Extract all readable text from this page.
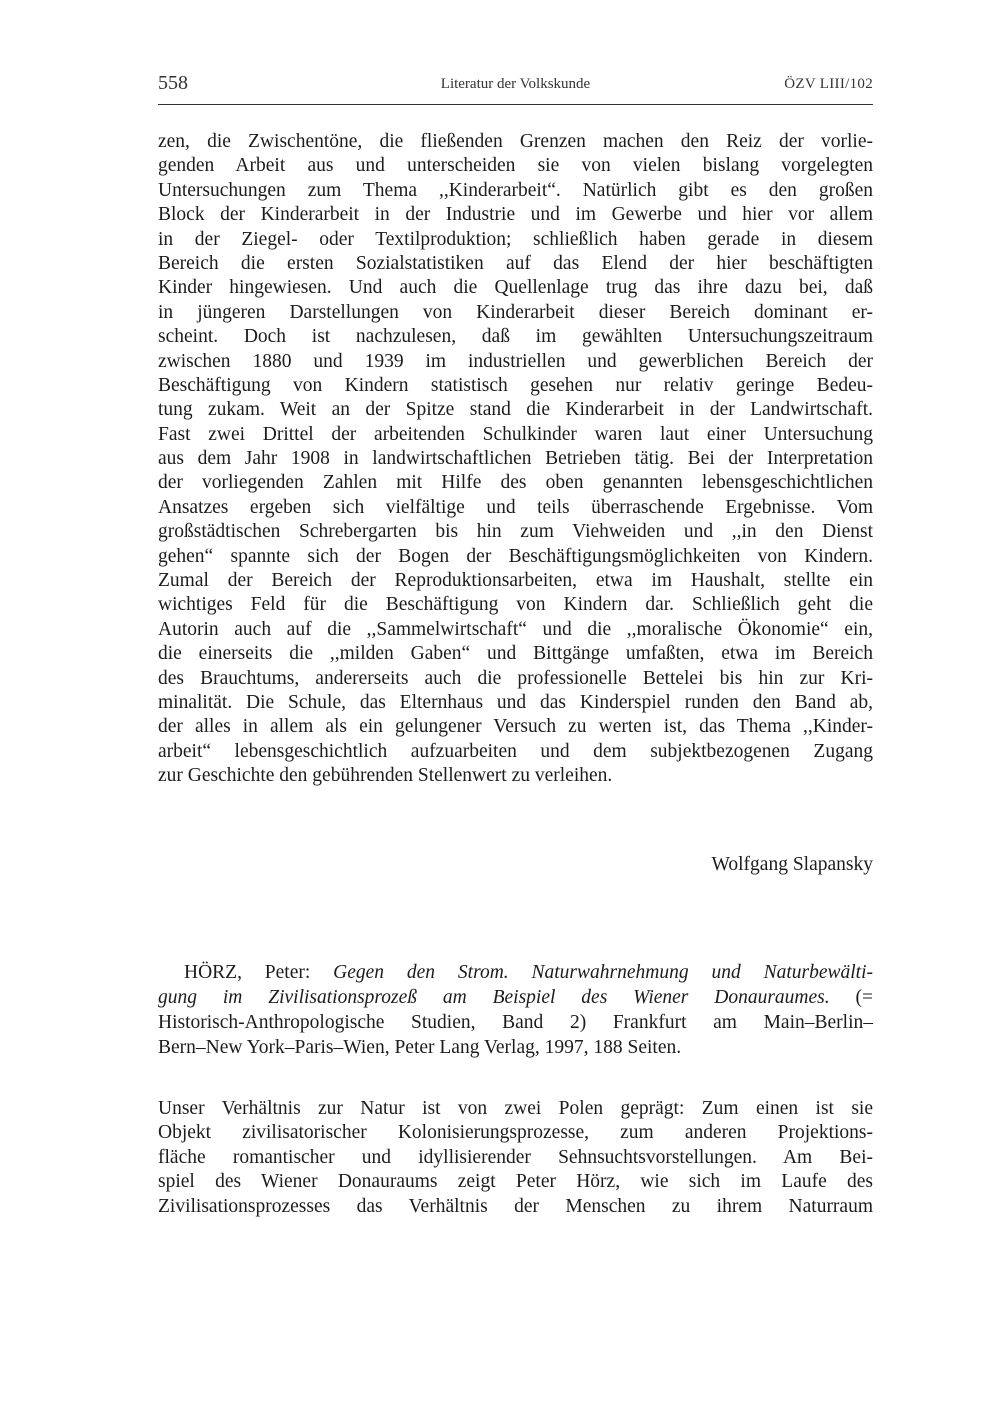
558	Literatur der Volkskunde	ÖZV LIII/102
zen, die Zwischentöne, die fließenden Grenzen machen den Reiz der vorlie-
genden Arbeit aus und unterscheiden sie von vielen bislang vorgelegten
Untersuchungen zum Thema ,,Kinderarbeit“. Natürlich gibt es den großen
Block der Kinderarbeit in der Industrie und im Gewerbe und hier vor allem
in der Ziegel- oder Textilproduktion; schließlich haben gerade in diesem
Bereich die ersten Sozialstatistiken auf das Elend der hier beschäftigten
Kinder hingewiesen. Und auch die Quellenlage trug das ihre dazu bei, daß
in jüngeren Darstellungen von Kinderarbeit dieser Bereich dominant er-
scheint. Doch ist nachzulesen, daß im gewählten Untersuchungszeitraum
zwischen 1880 und 1939 im industriellen und gewerblichen Bereich der
Beschäftigung von Kindern statistisch gesehen nur relativ geringe Bedeu-
tung zukam. Weit an der Spitze stand die Kinderarbeit in der Landwirtschaft.
Fast zwei Drittel der arbeitenden Schulkinder waren laut einer Untersuchung
aus dem Jahr 1908 in landwirtschaftlichen Betrieben tätig. Bei der Interpretation
der vorliegenden Zahlen mit Hilfe des oben genannten lebensgeschichtlichen
Ansatzes ergeben sich vielfältige und teils überraschende Ergebnisse. Vom
großstädtischen Schrebergarten bis hin zum Viehweiden und ,,in den Dienst
gehen“ spannte sich der Bogen der Beschäftigungsmöglichkeiten von Kindern.
Zumal der Bereich der Reproduktionsarbeiten, etwa im Haushalt, stellte ein
wichtiges Feld für die Beschäftigung von Kindern dar. Schließlich geht die
Autorin auch auf die ,,Sammelwirtschaft“ und die ,,moralische Ökonomie“ ein,
die einerseits die ,,milden Gaben“ und Bittgänge umfaßten, etwa im Bereich
des Brauchtums, andererseits auch die professionelle Bettelei bis hin zur Kri-
minalität. Die Schule, das Elternhaus und das Kinderspiel runden den Band ab,
der alles in allem als ein gelungener Versuch zu werten ist, das Thema ,,Kinder-
arbeit“ lebensgeschichtlich aufzuarbeiten und dem subjektbezogenen Zugang
zur Geschichte den gebührenden Stellenwert zu verleihen.
Wolfgang Slapansky
HÖRZ, Peter: Gegen den Strom. Naturwahrnehmung und Naturbewälti-
gung im Zivilisationsprozeß am Beispiel des Wiener Donauraumes. (=
Historisch-Anthropologische Studien, Band 2) Frankfurt am Main–Berlin–
Bern–New York–Paris–Wien, Peter Lang Verlag, 1997, 188 Seiten.
Unser Verhältnis zur Natur ist von zwei Polen geprägt: Zum einen ist sie
Objekt zivilisatorischer Kolonisierungsprozesse, zum anderen Projektions-
fläche romantischer und idyllisierender Sehnsuchtsvorstellungen. Am Bei-
spiel des Wiener Donauraums zeigt Peter Hörz, wie sich im Laufe des
Zivilisationsprozesses das Verhältnis der Menschen zu ihrem Naturraum
